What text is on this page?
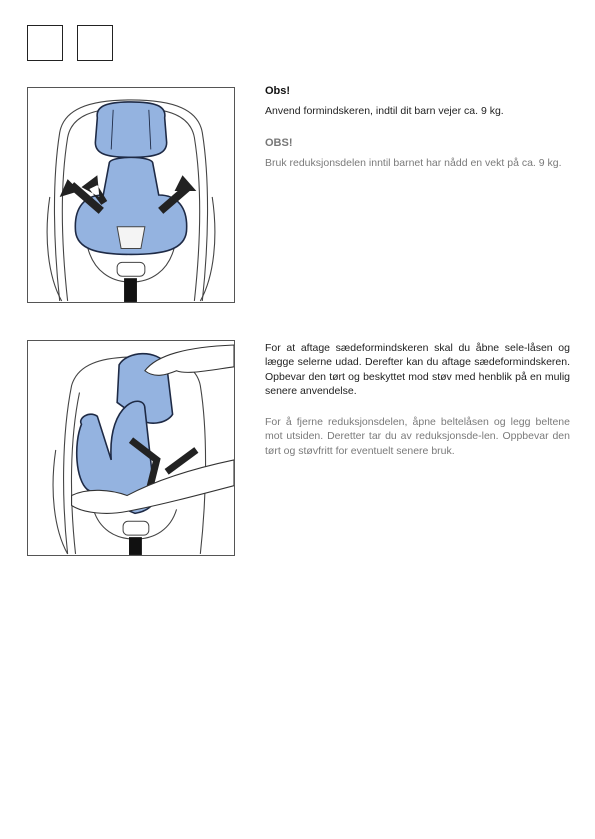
Obs!

Anvend formindskeren, indtil dit barn vejer ca. 9 kg.

OBS!

Bruk reduksjonsdelen inntil barnet har nådd en vekt på ca. 9 kg.

For at aftage sædeformindskeren skal du åbne sele-låsen og lægge selerne udad. Derefter kan du aftage sædeformindskeren. Opbevar den tørt og beskyttet mod støv med henblik på en mulig senere anvendelse.

For å fjerne reduksjonsdelen, åpne beltelåsen og legg beltene mot utsiden. Deretter tar du av reduksjonsde-len. Oppbevar den tørt og støvfritt for eventuelt senere bruk.
